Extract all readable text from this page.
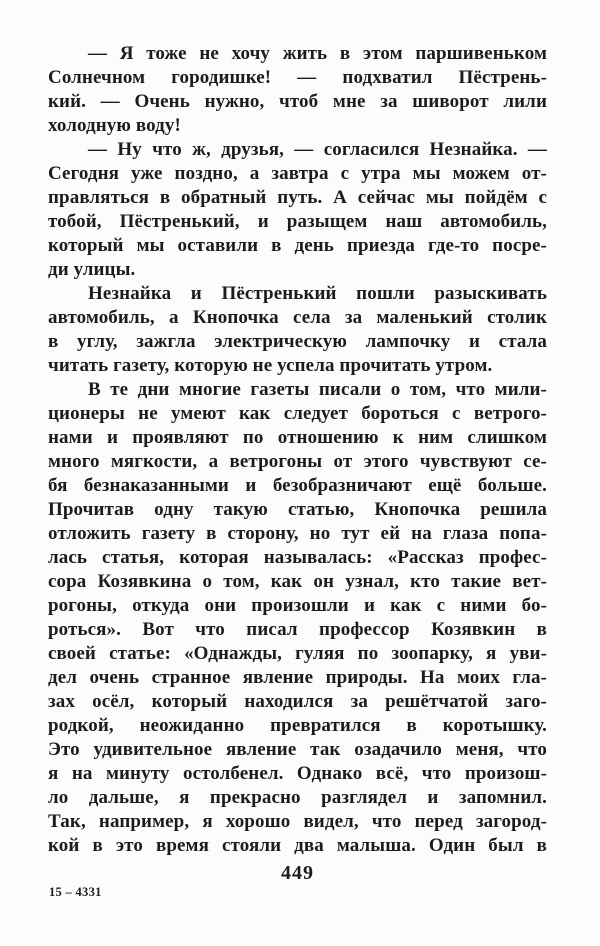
— Я тоже не хочу жить в этом паршивеньком
Солнечном городишке! — подхватил Пёстрень-
кий. — Очень нужно, чтоб мне за шиворот лили
холодную воду!
— Ну что ж, друзья, — согласился Незнайка. —
Сегодня уже поздно, а завтра с утра мы можем от-
правляться в обратный путь. А сейчас мы пойдём с
тобой, Пёстренький, и разыщем наш автомобиль,
который мы оставили в день приезда где-то посре-
ди улицы.
Незнайка и Пёстренький пошли разыскивать
автомобиль, а Кнопочка села за маленький столик
в углу, зажгла электрическую лампочку и стала
читать газету, которую не успела прочитать утром.
В те дни многие газеты писали о том, что мили-
ционеры не умеют как следует бороться с ветрого-
нами и проявляют по отношению к ним слишком
много мягкости, а ветрогоны от этого чувствуют се-
бя безнаказанными и безобразничают ещё больше.
Прочитав одну такую статью, Кнопочка решила
отложить газету в сторону, но тут ей на глаза попа-
лась статья, которая называлась: «Рассказ профес-
сора Козявкина о том, как он узнал, кто такие вет-
рогоны, откуда они произошли и как с ними бо-
роться». Вот что писал профессор Козявкин в
своей статье: «Однажды, гуляя по зоопарку, я уви-
дел очень странное явление природы. На моих гла-
зах осёл, который находился за решётчатой заго-
родкой, неожиданно превратился в коротышку.
Это удивительное явление так озадачило меня, что
я на минуту остолбенел. Однако всё, что произош-
ло дальше, я прекрасно разглядел и запомнил.
Так, например, я хорошо видел, что перед загород-
кой в это время стояли два малыша. Один был в
449
15 – 4331
